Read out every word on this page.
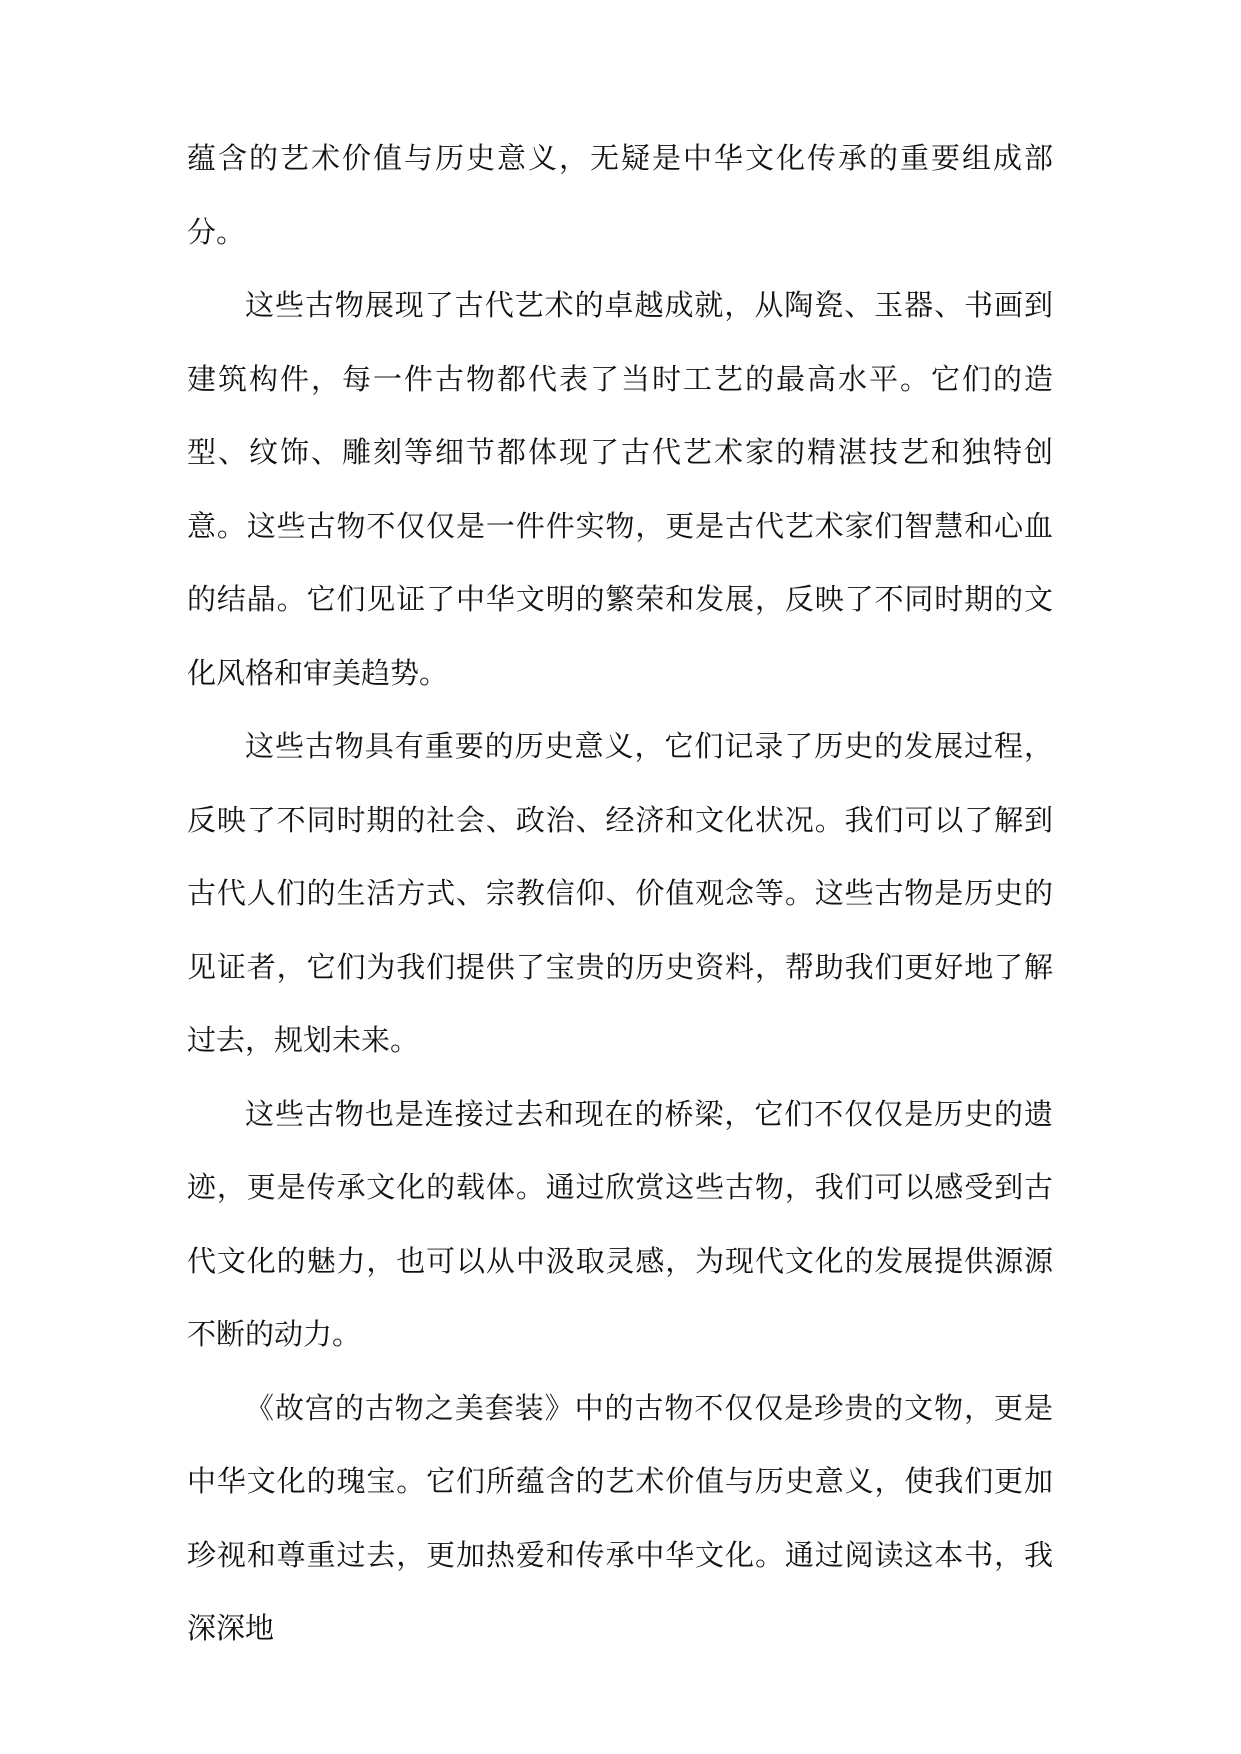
蕴含的艺术价值与历史意义，无疑是中华文化传承的重要组成部分。

这些古物展现了古代艺术的卓越成就，从陶瓷、玉器、书画到建筑构件，每一件古物都代表了当时工艺的最高水平。它们的造型、纹饰、雕刻等细节都体现了古代艺术家的精湛技艺和独特创意。这些古物不仅仅是一件件实物，更是古代艺术家们智慧和心血的结晶。它们见证了中华文明的繁荣和发展，反映了不同时期的文化风格和审美趋势。

这些古物具有重要的历史意义，它们记录了历史的发展过程，反映了不同时期的社会、政治、经济和文化状况。我们可以了解到古代人们的生活方式、宗教信仰、价值观念等。这些古物是历史的见证者，它们为我们提供了宝贵的历史资料，帮助我们更好地了解过去，规划未来。

这些古物也是连接过去和现在的桥梁，它们不仅仅是历史的遗迹，更是传承文化的载体。通过欣赏这些古物，我们可以感受到古代文化的魅力，也可以从中汲取灵感，为现代文化的发展提供源源不断的动力。

《故宫的古物之美套装》中的古物不仅仅是珍贵的文物，更是中华文化的瑰宝。它们所蕴含的艺术价值与历史意义，使我们更加珍视和尊重过去，更加热爱和传承中华文化。通过阅读这本书，我深深地
